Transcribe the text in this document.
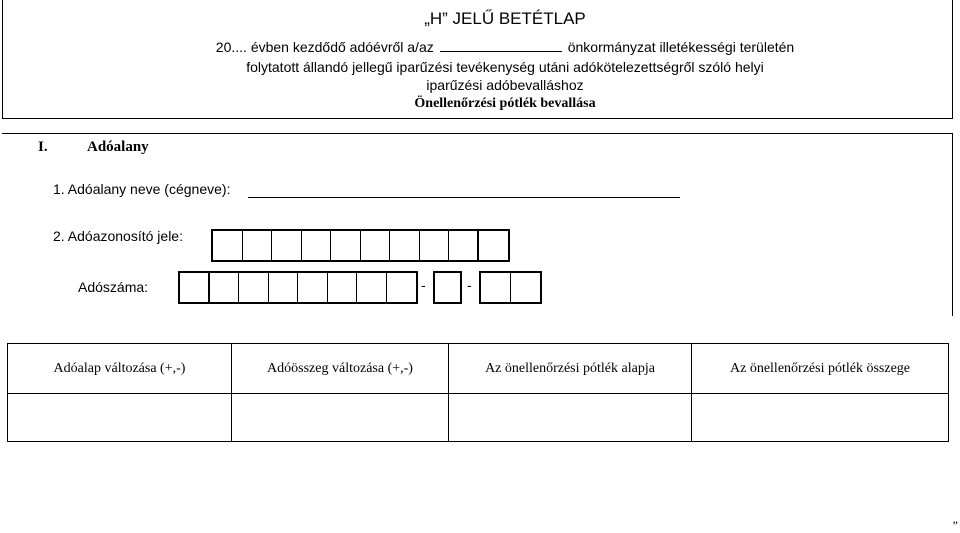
„H” JELŰ BETÉTLAP
20.... évben kezdődő adóévről a/az	önkormányzat illetékességi területén
folytatott állandó jellegű iparűzési tevékenység utáni adókötelezettségről szóló helyi
iparűzési adóbevalláshoz
Önellenőrzési pótlék bevallása
I.	Adóalany
1. Adóalany neve (cégneve):
2. Adóazonosító jele:
Adószáma:	-	-
Adóalap változása (+,-)	Adóösszeg változása (+,-)	Az önellenőrzési pótlék alapja	Az önellenőrzési pótlék összege

”
